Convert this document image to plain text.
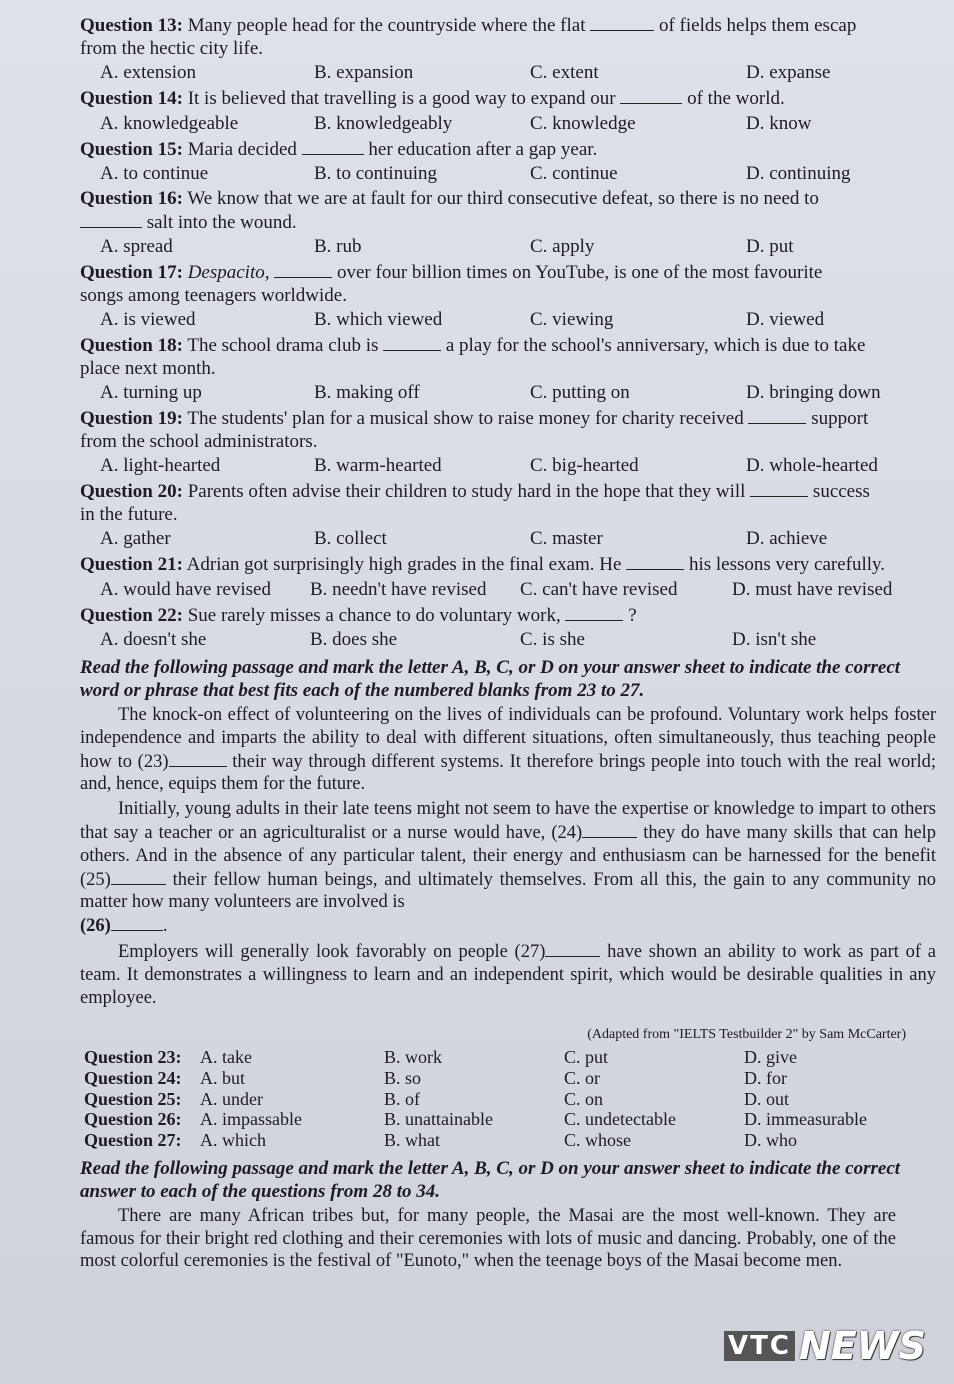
Question 13: Many people head for the countryside where the flat	of fields helps them escap
from the hectic city life.
A. extension	B. expansion	C. extent	D. expanse
Question 14: It is believed that travelling is a good way to expand our	of the world.
A. knowledgeable	B. knowledgeably	C. knowledge	D. know
Question 15: Maria decided	her education after a gap year.
A. to continue	B. to continuing	C. continue	D. continuing
Question 16: We know that we are at fault for our third consecutive defeat, so there is no need to
salt into the wound.
A. spread	B. rub	C. apply	D. put
Question 17: Despacito,	over four billion times on YouTube, is one of the most favourite
songs among teenagers worldwide.
A. is viewed	B. which viewed	C. viewing	D. viewed
Question 18: The school drama club is	a play for the school's anniversary, which is due to take
place next month.
A. turning up	B. making off	C. putting on	D. bringing down
Question 19: The students' plan for a musical show to raise money for charity received	support
from the school administrators.
A. light-hearted	B. warm-hearted	C. big-hearted	D. whole-hearted
Question 20: Parents often advise their children to study hard in the hope that they will	success
in the future.
A. gather	B. collect	C. master	D. achieve
Question 21: Adrian got surprisingly high grades in the final exam. He	his lessons very carefully.
A. would have revised B. needn't have revised C. can't have revised	D. must have revised
Question 22: Sue rarely misses a chance to do voluntary work,	?
A. doesn't she	B. does she	C. is she	D. isn't she
Read the following passage and mark the letter A, B, C, or D on your answer sheet to indicate the correct word or phrase that best fits each of the numbered blanks from 23 to 27.

The knock-on effect of volunteering on the lives of individuals can be profound. Voluntary work helps foster independence and imparts the ability to deal with different situations, often simultaneously, thus teaching people how to (23)	their way through different systems. It therefore brings people into touch with the real world; and, hence, equips them for the future.

Initially, young adults in their late teens might not seem to have the expertise or knowledge to impart to others that say a teacher or an agriculturalist or a nurse would have, (24)	they do have many skills that can help others. And in the absence of any particular talent, their energy and enthusiasm can be harnessed for the benefit (25)	their fellow human beings, and ultimately themselves. From all this, the gain to any community no matter how many volunteers are involved is
(26)	.

Employers will generally look favorably on people (27)	have shown an ability to work as part of a team. It demonstrates a willingness to learn and an independent spirit, which would be desirable qualities in any employee.

(Adapted from "IELTS Testbuilder 2" by Sam McCarter)
Question 23: A. take	B. work	C. put	D. give
Question 24: A. but	B. so	C. or	D. for
Question 25: A. under	B. of	C. on	D. out
Question 26: A. impassable	B. unattainable	C. undetectable	D. immeasurable
Question 27: A. which	B. what	C. whose	D. who
Read the following passage and mark the letter A, B, C, or D on your answer sheet to indicate the correct answer to each of the questions from 28 to 34.

There are many African tribes but, for many people, the Masai are the most well-known. They are famous for their bright red clothing and their ceremonies with lots of music and dancing. Probably, one of the most colorful ceremonies is the festival of "Eunoto," when the teenage boys of the Masai become men.

VTC NEWS
